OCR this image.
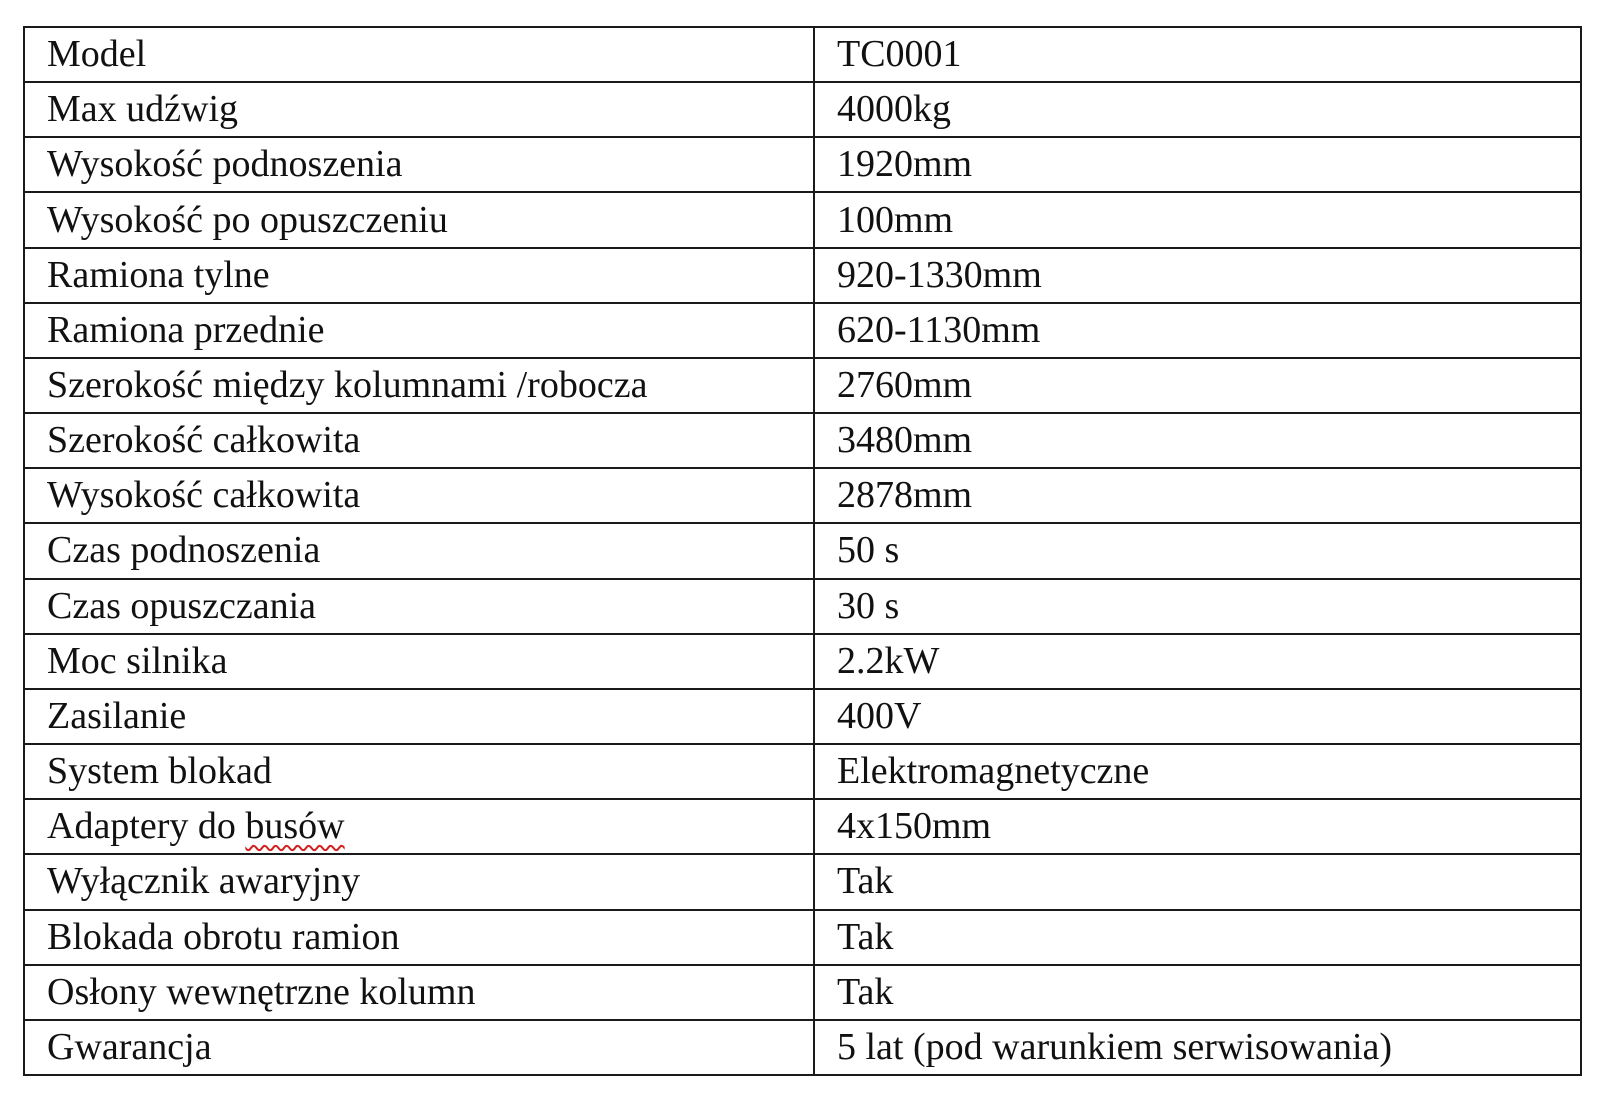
Model	TC0001
Max udźwig	4000kg
Wysokość podnoszenia	1920mm
Wysokość po opuszczeniu	100mm
Ramiona tylne	920-1330mm
Ramiona przednie	620-1130mm
Szerokość między kolumnami /robocza	2760mm
Szerokość całkowita	3480mm
Wysokość całkowita	2878mm
Czas podnoszenia	50 s
Czas opuszczania	30 s
Moc silnika	2.2kW
Zasilanie	400V
System blokad	Elektromagnetyczne
Adaptery do busów	4x150mm
Wyłącznik awaryjny	Tak
Blokada obrotu ramion	Tak
Osłony wewnętrzne kolumn	Tak
Gwarancja	5 lat (pod warunkiem serwisowania)
